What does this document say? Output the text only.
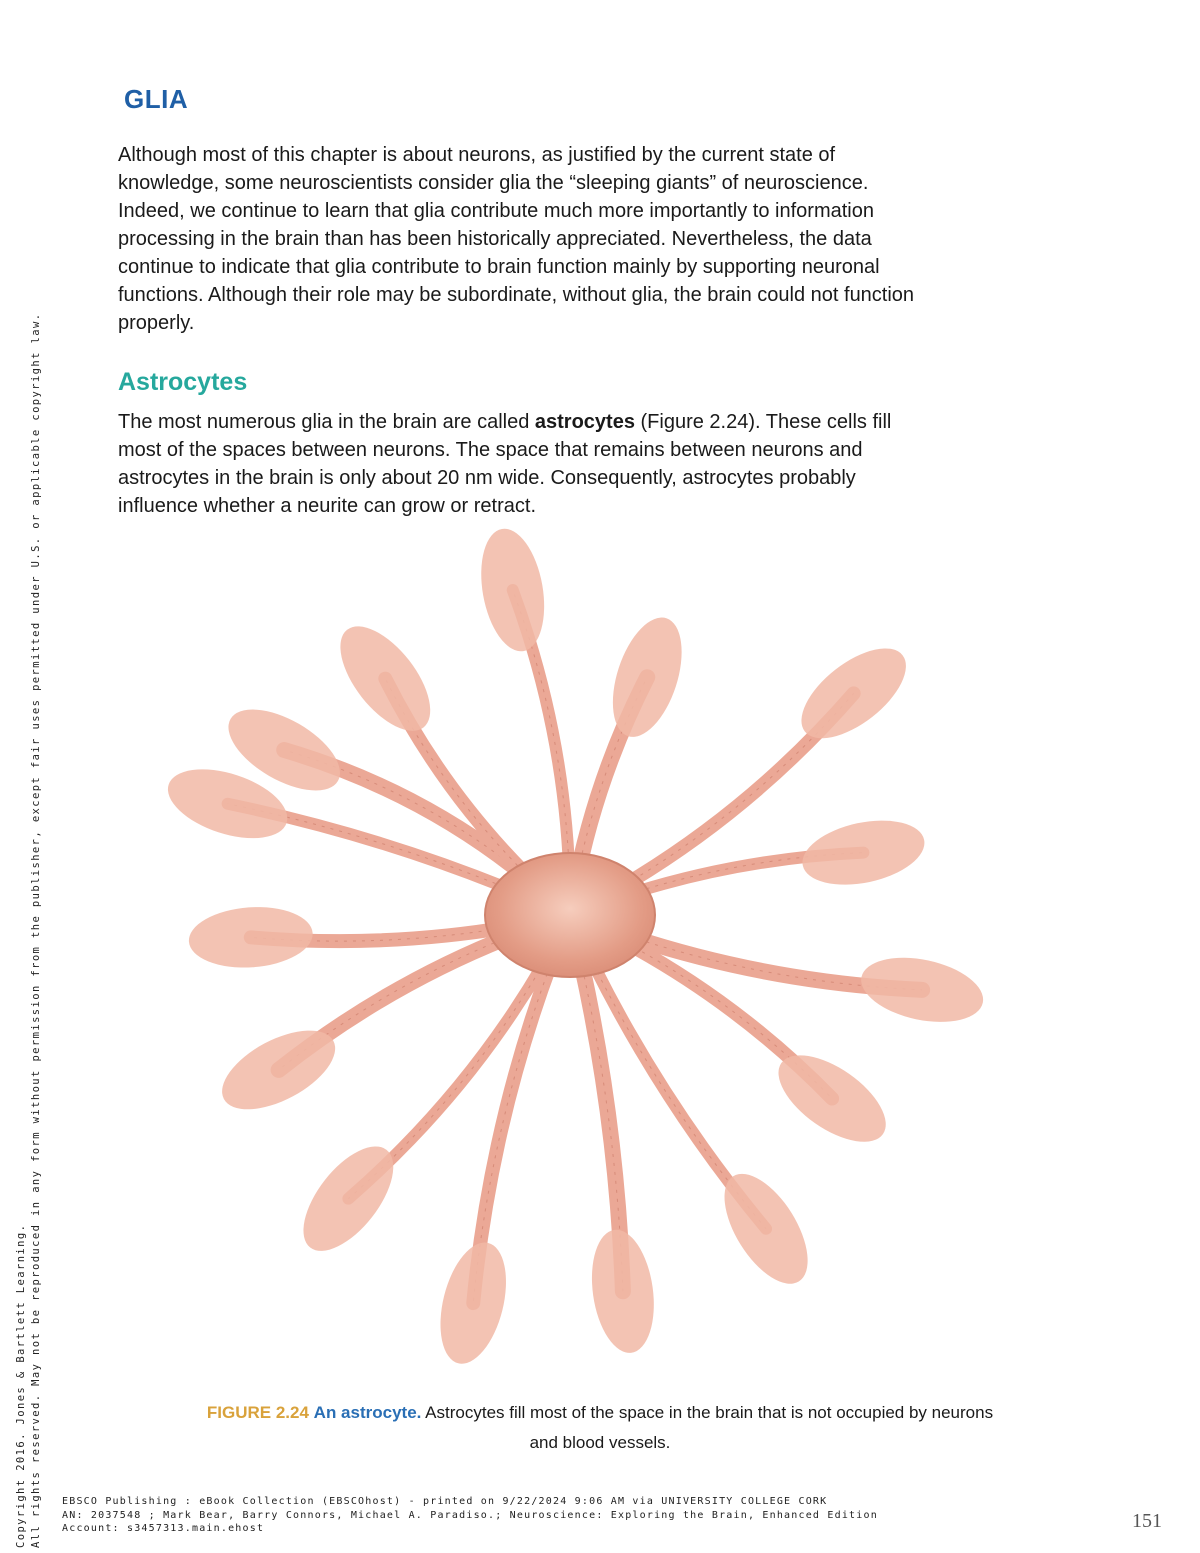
GLIA
Although most of this chapter is about neurons, as justified by the current state of
knowledge, some neuroscientists consider glia the “sleeping giants” of neuroscience.
Indeed, we continue to learn that glia contribute much more importantly to information
processing in the brain than has been historically appreciated. Nevertheless, the data
continue to indicate that glia contribute to brain function mainly by supporting neuronal
functions. Although their role may be subordinate, without glia, the brain could not function
properly.
Astrocytes
The most numerous glia in the brain are called astrocytes (Figure 2.24). These cells fill
most of the spaces between neurons. The space that remains between neurons and
astrocytes in the brain is only about 20 nm wide. Consequently, astrocytes probably
influence whether a neurite can grow or retract.
FIGURE 2.24 An astrocyte. Astrocytes fill most of the space in the brain that is not occupied by neurons
and blood vessels.
Copyright 2016. Jones & Bartlett Learning. All rights reserved. May not be reproduced in any form without permission from the publisher, except fair uses permitted under U.S. or applicable copyright law. EBSCO Publishing : eBook Collection (EBSCOhost) - printed on 9/22/2024 9:06 AM via UNIVERSITY COLLEGE CORK
AN: 2037548 ; Mark Bear, Barry Connors, Michael A. Paradiso.; Neuroscience: Exploring the Brain, Enhanced Edition
Account: s3457313.main.ehost	151
